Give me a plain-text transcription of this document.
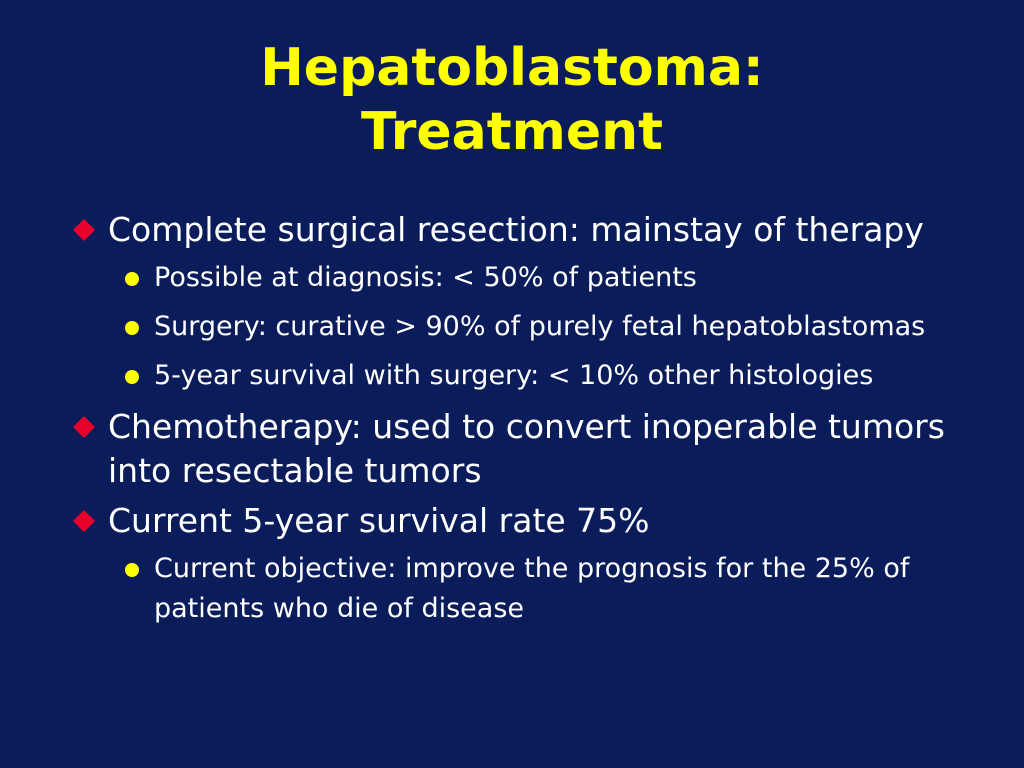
Hepatoblastoma:
Treatment
Complete surgical resection: mainstay of therapy
Possible at diagnosis: < 50% of patients
Surgery: curative > 90% of purely fetal hepatoblastomas
5-year survival with surgery: < 10% other histologies
Chemotherapy: used to convert inoperable tumors into resectable tumors
Current 5-year survival rate 75%
Current objective: improve the prognosis for the 25% of patients who die of disease
